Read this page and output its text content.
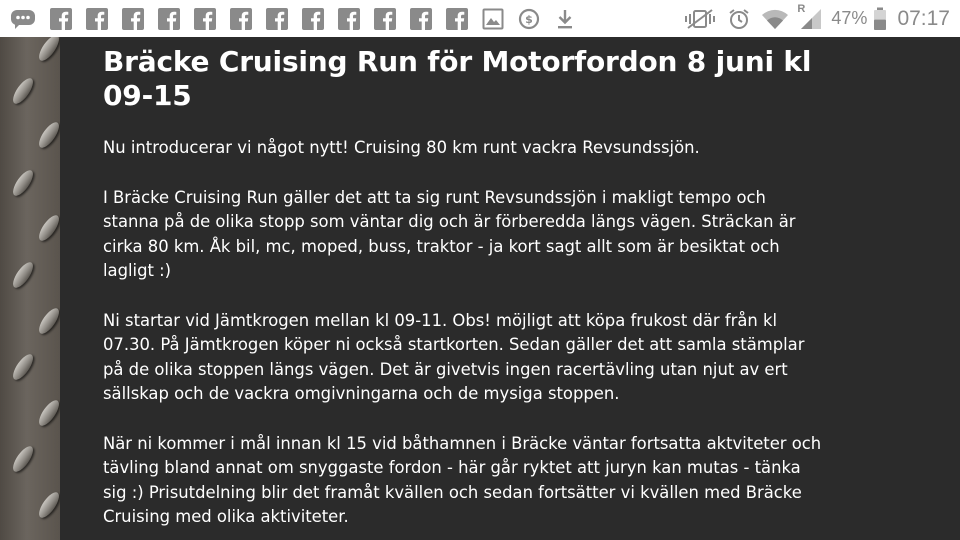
$
R 47% 07:17
Bräcke Cruising Run för Motorfordon 8 juni kl 09-15

Nu introducerar vi något nytt! Cruising 80 km runt vackra Revsundssjön.

I Bräcke Cruising Run gäller det att ta sig runt Revsundssjön i makligt tempo och
stanna på de olika stopp som väntar dig och är förberedda längs vägen. Sträckan är
cirka 80 km. Åk bil, mc, moped, buss, traktor - ja kort sagt allt som är besiktat och
lagligt :)

Ni startar vid Jämtkrogen mellan kl 09-11. Obs! möjligt att köpa frukost där från kl
07.30. På Jämtkrogen köper ni också startkorten. Sedan gäller det att samla stämplar
på de olika stoppen längs vägen. Det är givetvis ingen racertävling utan njut av ert
sällskap och de vackra omgivningarna och de mysiga stoppen.

När ni kommer i mål innan kl 15 vid båthamnen i Bräcke väntar fortsatta aktviteter och
tävling bland annat om snyggaste fordon - här går ryktet att juryn kan mutas - tänka
sig :) Prisutdelning blir det framåt kvällen och sedan fortsätter vi kvällen med Bräcke
Cruising med olika aktiviteter.
